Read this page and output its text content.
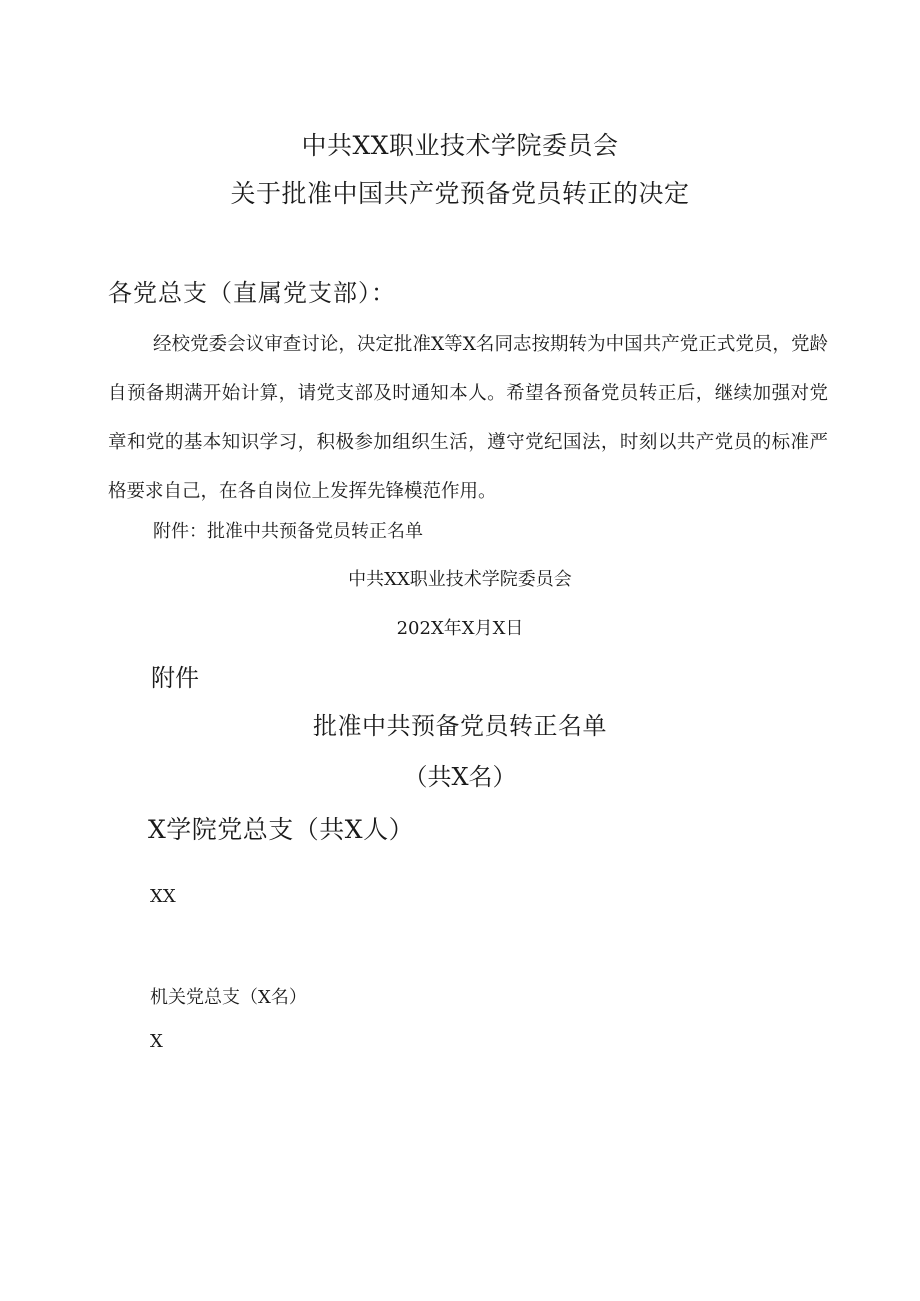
中共XX职业技术学院委员会
关于批准中国共产党预备党员转正的决定
各党总支（直属党支部）：
经校党委会议审查讨论，决定批准X等X名同志按期转为中国共产党正式党员，党龄自预备期满开始计算，请党支部及时通知本人。希望各预备党员转正后，继续加强对党章和党的基本知识学习，积极参加组织生活，遵守党纪国法，时刻以共产党员的标准严格要求自己，在各自岗位上发挥先锋模范作用。
附件：批准中共预备党员转正名单
中共XX职业技术学院委员会
202X年X月X日
附件
批准中共预备党员转正名单
（共X名）
X学院党总支（共X人）
XX
机关党总支（X名）
X
